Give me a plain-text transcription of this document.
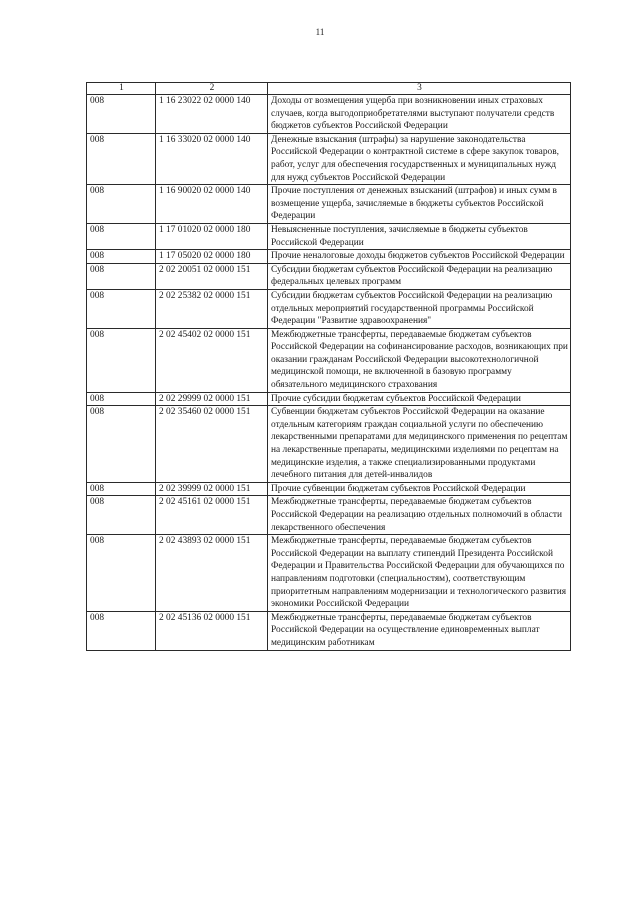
11
1	2	3
008	1 16 23022 02 0000 140	Доходы от возмещения ущерба при возникновении иных страховых случаев, когда выгодоприобретателями выступают получатели средств бюджетов субъектов Российской Федерации
008	1 16 33020 02 0000 140	Денежные взыскания (штрафы) за нарушение законодательства Российской Федерации о контрактной системе в сфере закупок товаров, работ, услуг для обеспечения государственных и муниципальных нужд для нужд субъектов Российской Федерации
008	1 16 90020 02 0000 140	Прочие поступления от денежных взысканий (штрафов) и иных сумм в возмещение ущерба, зачисляемые в бюджеты субъектов Российской Федерации
008	1 17 01020 02 0000 180	Невыясненные поступления, зачисляемые в бюджеты субъектов Российской Федерации
008	1 17 05020 02 0000 180	Прочие неналоговые доходы бюджетов субъектов Российской Федерации
008	2 02 20051 02 0000 151	Субсидии бюджетам субъектов Российской Федерации на реализацию федеральных целевых программ
008	2 02 25382 02 0000 151	Субсидии бюджетам субъектов Российской Федерации на реализацию отдельных мероприятий государственной программы Российской Федерации "Развитие здравоохранения"
008	2 02 45402 02 0000 151	Межбюджетные трансферты, передаваемые бюджетам субъектов Российской Федерации на софинансирование расходов, возникающих при оказании гражданам Российской Федерации высокотехнологичной медицинской помощи, не включенной в базовую программу обязательного медицинского страхования
008	2 02 29999 02 0000 151	Прочие субсидии бюджетам субъектов Российской Федерации
008	2 02 35460 02 0000 151	Субвенции бюджетам субъектов Российской Федерации на оказание отдельным категориям граждан социальной услуги по обеспечению лекарственными препаратами для медицинского применения по рецептам на лекарственные препараты, медицинскими изделиями по рецептам на медицинские изделия, а также специализированными продуктами лечебного питания для детей-инвалидов
008	2 02 39999 02 0000 151	Прочие субвенции бюджетам субъектов Российской Федерации
008	2 02 45161 02 0000 151	Межбюджетные трансферты, передаваемые бюджетам субъектов Российской Федерации на реализацию отдельных полномочий в области лекарственного обеспечения
008	2 02 43893 02 0000 151	Межбюджетные трансферты, передаваемые бюджетам субъектов Российской Федерации на выплату стипендий Президента Российской Федерации и Правительства Российской Федерации для обучающихся по направлениям подготовки (специальностям), соответствующим приоритетным направлениям модернизации и технологического развития экономики Российской Федерации
008	2 02 45136 02 0000 151	Межбюджетные трансферты, передаваемые бюджетам субъектов Российской Федерации на осуществление единовременных выплат медицинским работникам
